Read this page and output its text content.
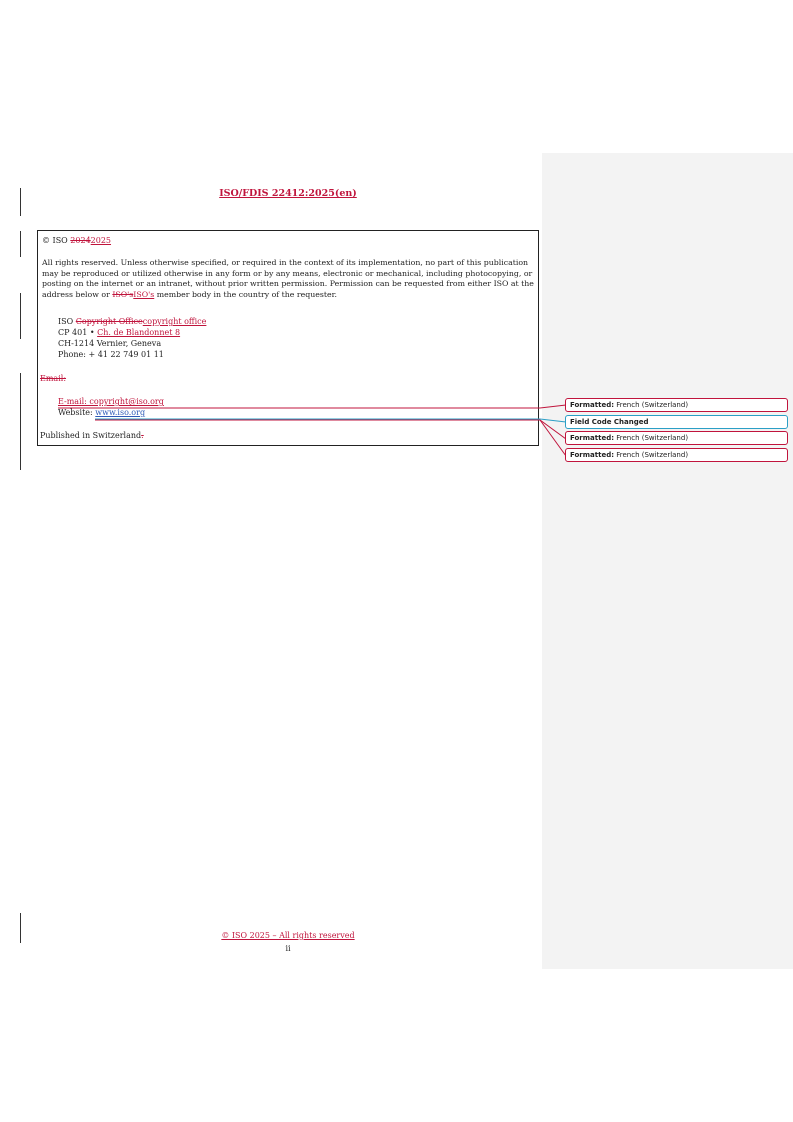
ISO/FDIS 22412:2025(en)
© ISO 20242025
All rights reserved. Unless otherwise specified, or required in the context of its implementation, no part of this publication may be reproduced or utilized otherwise in any form or by any means, electronic or mechanical, including photocopying, or posting on the internet or an intranet, without prior written permission. Permission can be requested from either ISO at the address below or ISO'sISO's member body in the country of the requester.
ISO Copyright Officecopyright office
CP 401 • Ch. de Blandonnet 8
CH-1214 Vernier, Geneva
Phone: + 41 22 749 01 11
Email:
E-mail: copyright@iso.org
Website: www.iso.org
Published in Switzerland.
Formatted: French (Switzerland)
Field Code Changed
Formatted: French (Switzerland)
Formatted: French (Switzerland)
© ISO 2025 – All rights reserved
ii
